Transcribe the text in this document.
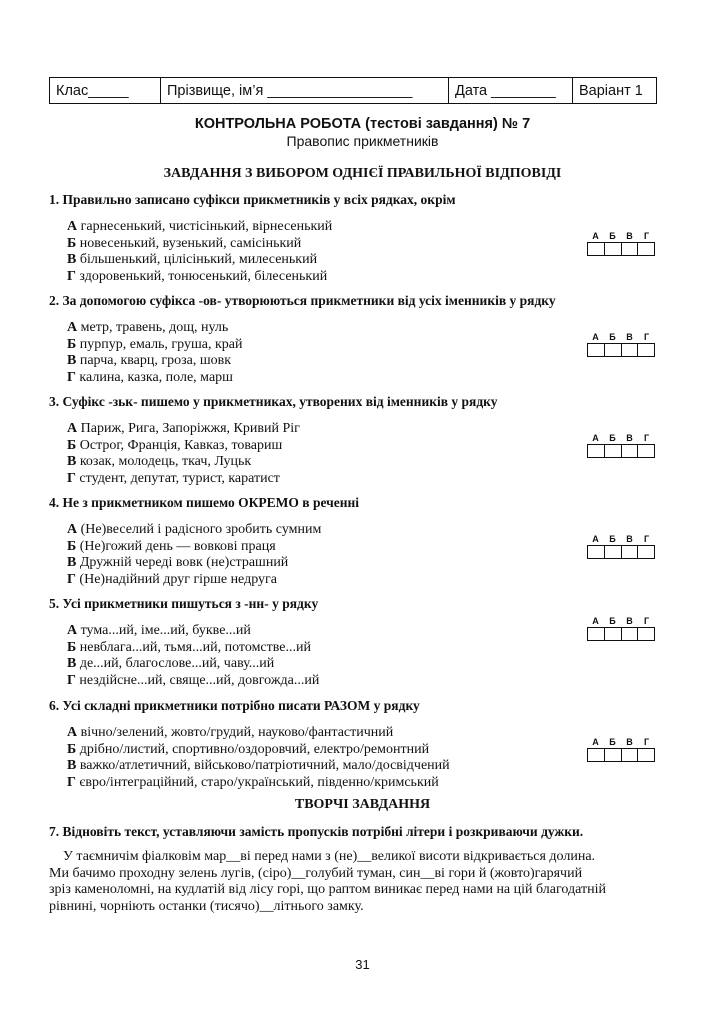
Клас_____	Прізвище, ім’я __________________	Дата ________	Варіант 1
КОНТРОЛЬНА РОБОТА (тестові завдання) № 7
Правопис прикметників
ЗАВДАННЯ З ВИБОРОМ ОДНІЄЇ ПРАВИЛЬНОЇ ВІДПОВІДІ
1. Правильно записано суфікси прикметників у всіх рядках, окрім
А гарнесенький, чистісінький, вірнесенький
Б новесенький, вузенький, самісінький
В більшенький, цілісінький, милесенький
Г здоровенький, тонюсенький, білесенький
А	Б	В	Г
2. За допомогою суфікса -ов- утворюються прикметники від усіх іменників у рядку
А метр, травень, дощ, нуль
Б пурпур, емаль, груша, край
В парча, кварц, гроза, шовк
Г калина, казка, поле, марш
А	Б	В	Г
3. Суфікс -зьк- пишемо у прикметниках, утворених від іменників у рядку
А Париж, Рига, Запоріжжя, Кривий Ріг
Б Острог, Франція, Кавказ, товариш
В козак, молодець, ткач, Луцьк
Г студент, депутат, турист, каратист
А	Б	В	Г
4. Не з прикметником пишемо ОКРЕМО в реченні
А (Не)веселий і радісного зробить сумним
Б (Не)гожий день — вовкові праця
В Дружній череді вовк (не)страшний
Г (Не)надійний друг гірше недруга
А	Б	В	Г
5. Усі прикметники пишуться з -нн- у рядку
А тума...ий, іме...ий, букве...ий
Б невблага...ий, тьмя...ий, потомстве...ий
В де...ий, благослове...ий, чаву...ий
Г нездійсне...ий, свяще...ий, довгожда...ий
А	Б	В	Г
6. Усі складні прикметники потрібно писати РАЗОМ у рядку
А вічно/зелений, жовто/грудий, науково/фантастичний
Б дрібно/листий, спортивно/оздоровчий, електро/ремонтний
В важко/атлетичний, військово/патріотичний, мало/досвідчений
Г євро/інтеграційний, старо/український, південно/кримський
А	Б	В	Г
ТВОРЧІ ЗАВДАННЯ
7. Відновіть текст, уставляючи замість пропусків потрібні літери і розкриваючи дужки.
У таємничім фіалковім мар__ві перед нами з (не)__великої висоти відкривається долина.
Ми бачимо проходну зелень лугів, (сіро)__голубий туман, син__ві гори й (жовто)гарячий
зріз каменоломні, на кудлатій від лісу горі, що раптом виникає перед нами на цій благодатній
рівнині, чорніють останки (тисячо)__літнього замку.
31
